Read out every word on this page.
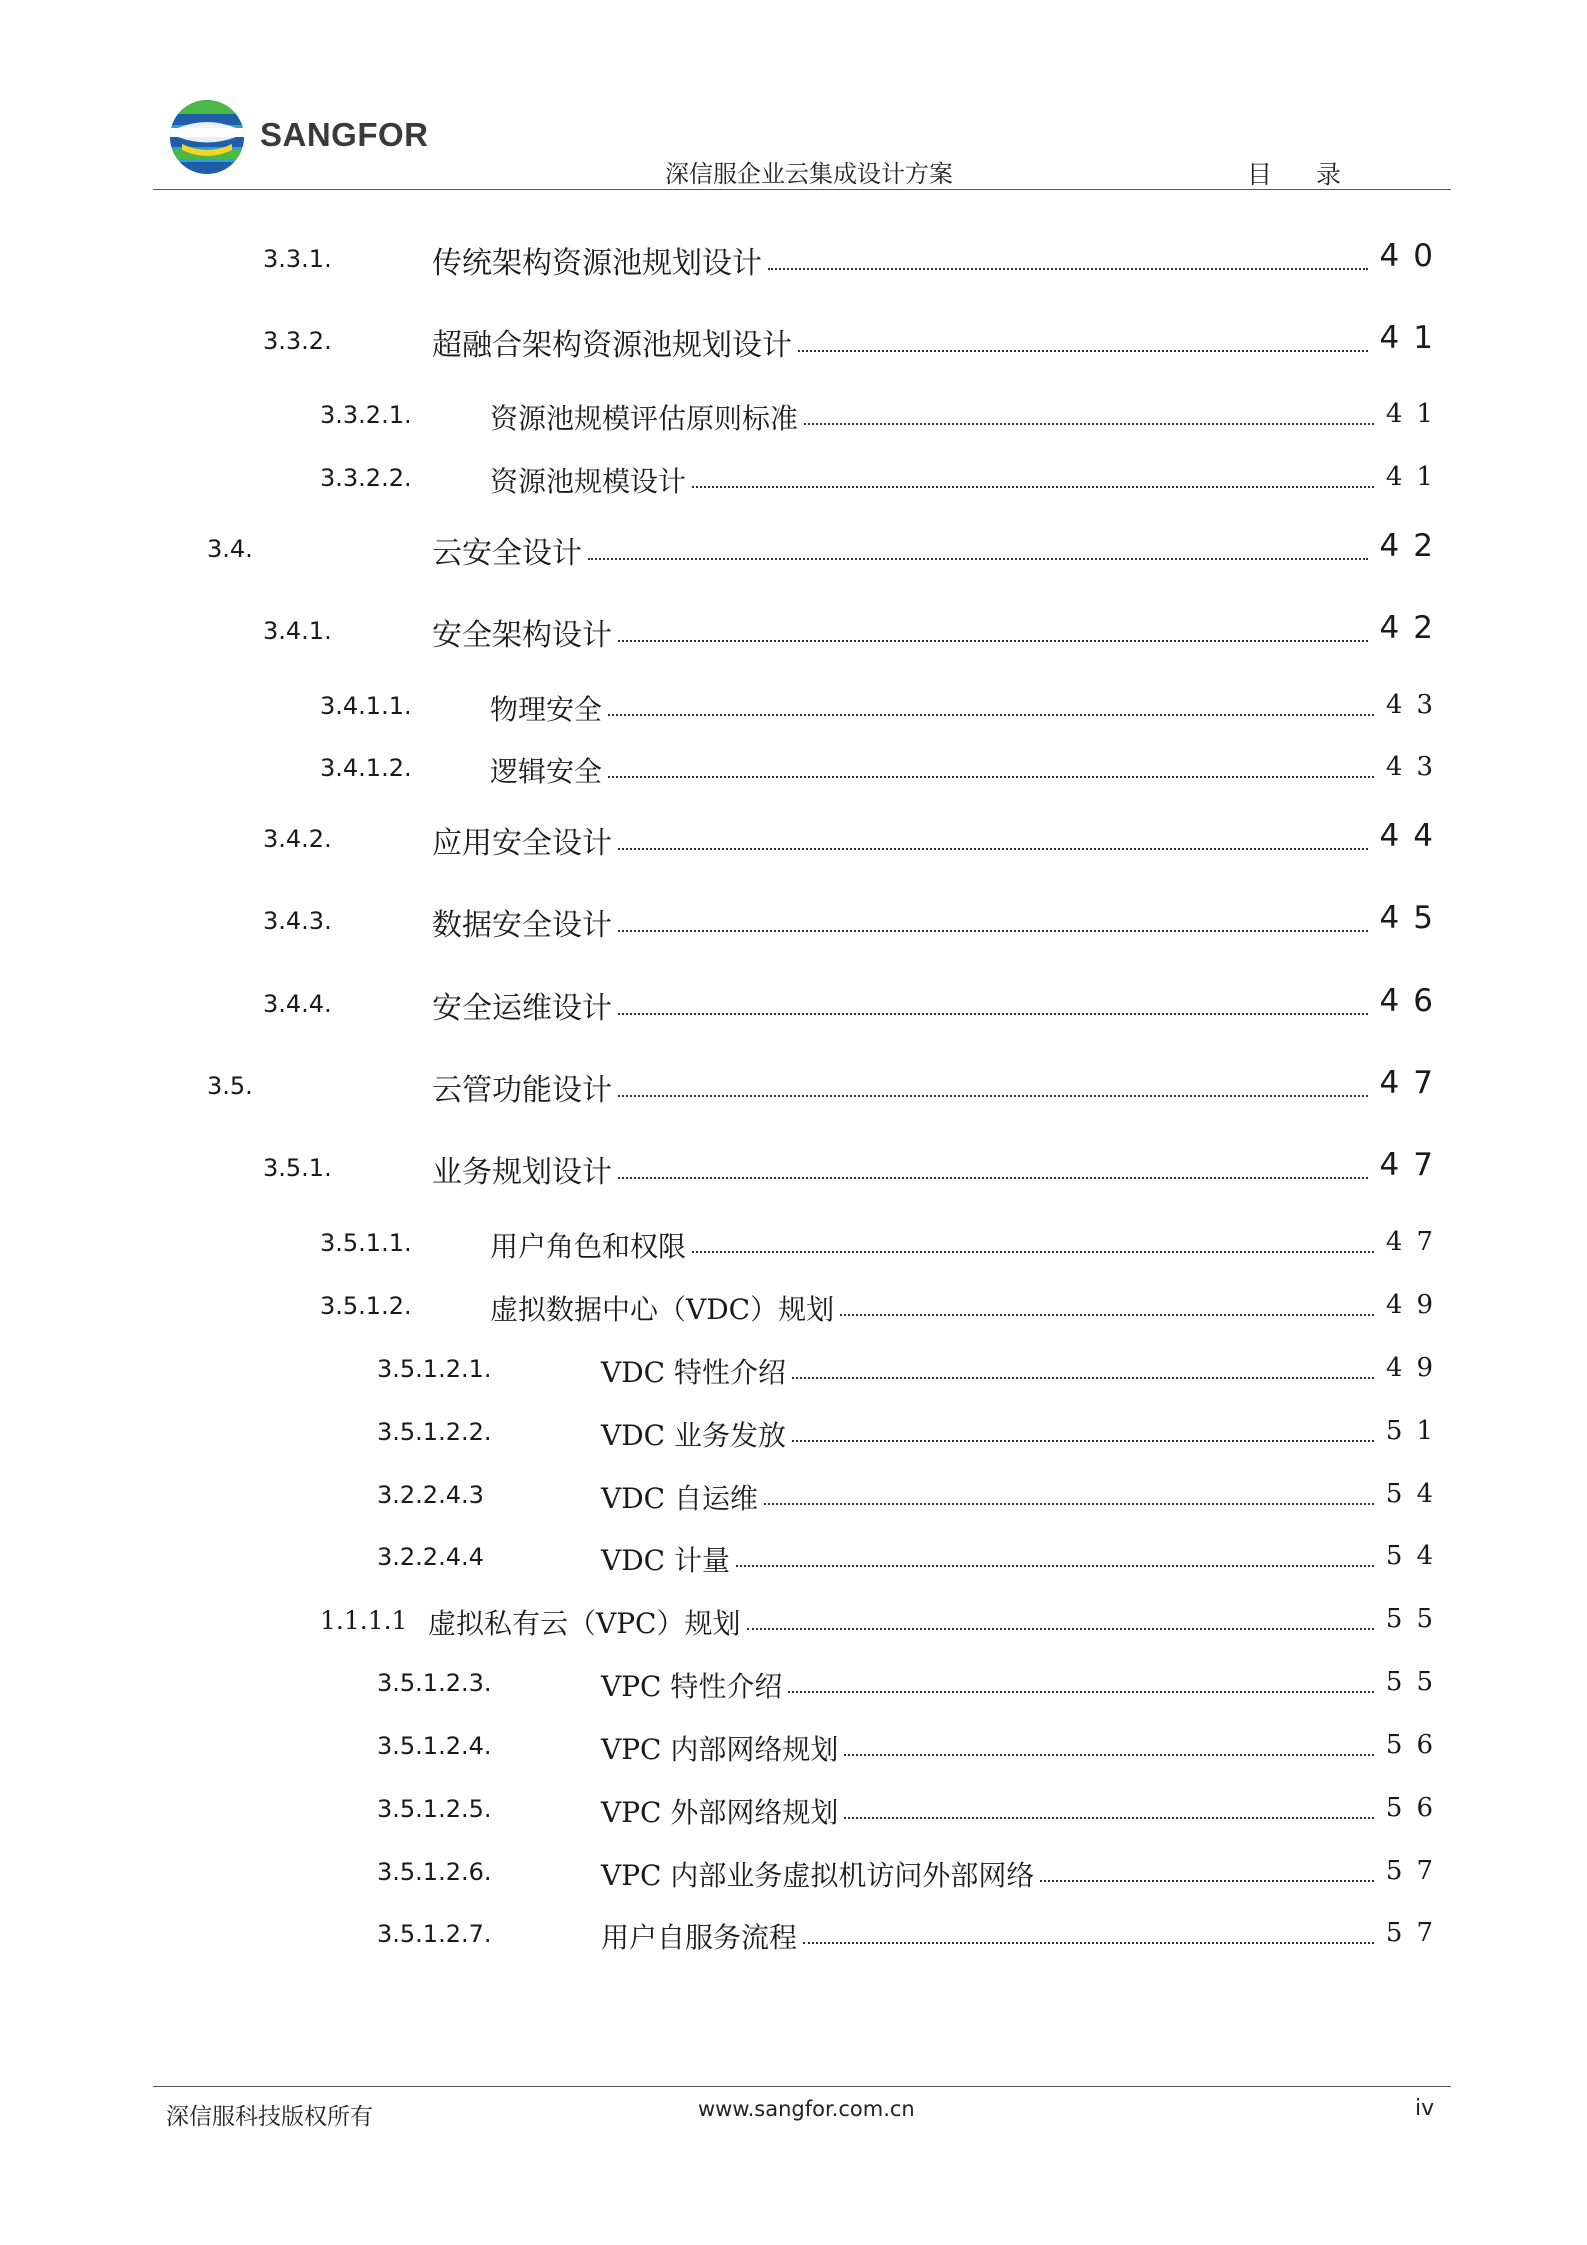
SANGFOR
深信服企业云集成设计方案	目 录
3.3.1.	传统架构资源池规划设计	40
3.3.2.	超融合架构资源池规划设计	41
3.3.2.1.	资源池规模评估原则标准	41
3.3.2.2.	资源池规模设计	41
3.4.	云安全设计	42
3.4.1.	安全架构设计	42
3.4.1.1.	物理安全	43
3.4.1.2.	逻辑安全	43
3.4.2.	应用安全设计	44
3.4.3.	数据安全设计	45
3.4.4.	安全运维设计	46
3.5.	云管功能设计	47
3.5.1.	业务规划设计	47
3.5.1.1.	用户角色和权限	47
3.5.1.2.	虚拟数据中心（VDC）规划	49
3.5.1.2.1.	VDC 特性介绍	49
3.5.1.2.2.	VDC 业务发放	51
3.2.2.4.3	VDC 自运维	54
3.2.2.4.4	VDC 计量	54
1.1.1.1 虚拟私有云（VPC）规划	55
3.5.1.2.3.	VPC 特性介绍	55
3.5.1.2.4.	VPC 内部网络规划	56
3.5.1.2.5.	VPC 外部网络规划	56
3.5.1.2.6.	VPC 内部业务虚拟机访问外部网络	57
3.5.1.2.7.	用户自服务流程	57
深信服科技版权所有	www.sangfor.com.cn	iv
